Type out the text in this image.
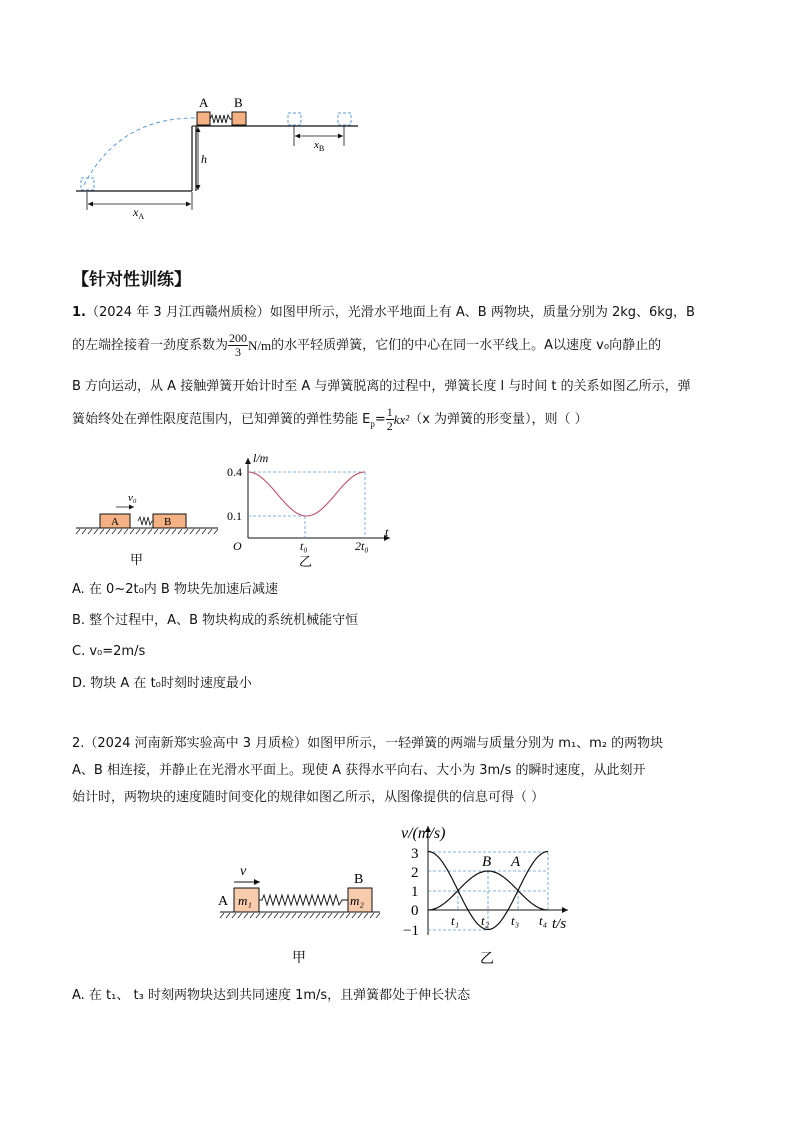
A B
h
$x_A$
$x_B$
【针对性训练】
1.（2024 年 3 月江西赣州质检）如图甲所示，光滑水平地面上有 A、B 两物块，质量分别为 2kg、6kg，B
的左端拴接着一劲度系数为 $\frac{200}{3} N/m$ 的水平轻质弹簧，它们的中心在同一水平线上。A以速度 v₀向静止的
B 方向运动，从 A 接触弹簧开始计时至 A 与弹簧脱离的过程中，弹簧长度 l 与时间 t 的关系如图乙所示，弹
簧始终处在弹性限度范围内，已知弹簧的弹性势能 E $p = \frac{1}{2} kx^2$ （x 为弹簧的形变量），则（ ）
A	B
v₀
甲
l/m
t
O
0.4
0.1
t₀	2t₀
乙
A. 在 0~2t₀内 B 物块先加速后减速
B. 整个过程中，A、B 物块构成的系统机械能守恒
C. v₀=2m/s
D. 物块 A 在 t₀时刻时速度最小
2.（2024 河南新郑实验高中 3 月质检）如图甲所示，一轻弹簧的两端与质量分别为 m₁、m₂ 的两物块
A、B 相连接，并静止在光滑水平面上。现使 A 获得水平向右、大小为 3m/s 的瞬时速度，从此刻开
始计时，两物块的速度随时间变化的规律如图乙所示，从图像提供的信息可得（ ）
m₁	m₂
A
B
v
甲
v/(m/s)
t/s
3
2
1
0
−1
B A
t₁ t₂ t₃ t₄
乙
A. 在 t₁、 t₃ 时刻两物块达到共同速度 1m/s，且弹簧都处于伸长状态
